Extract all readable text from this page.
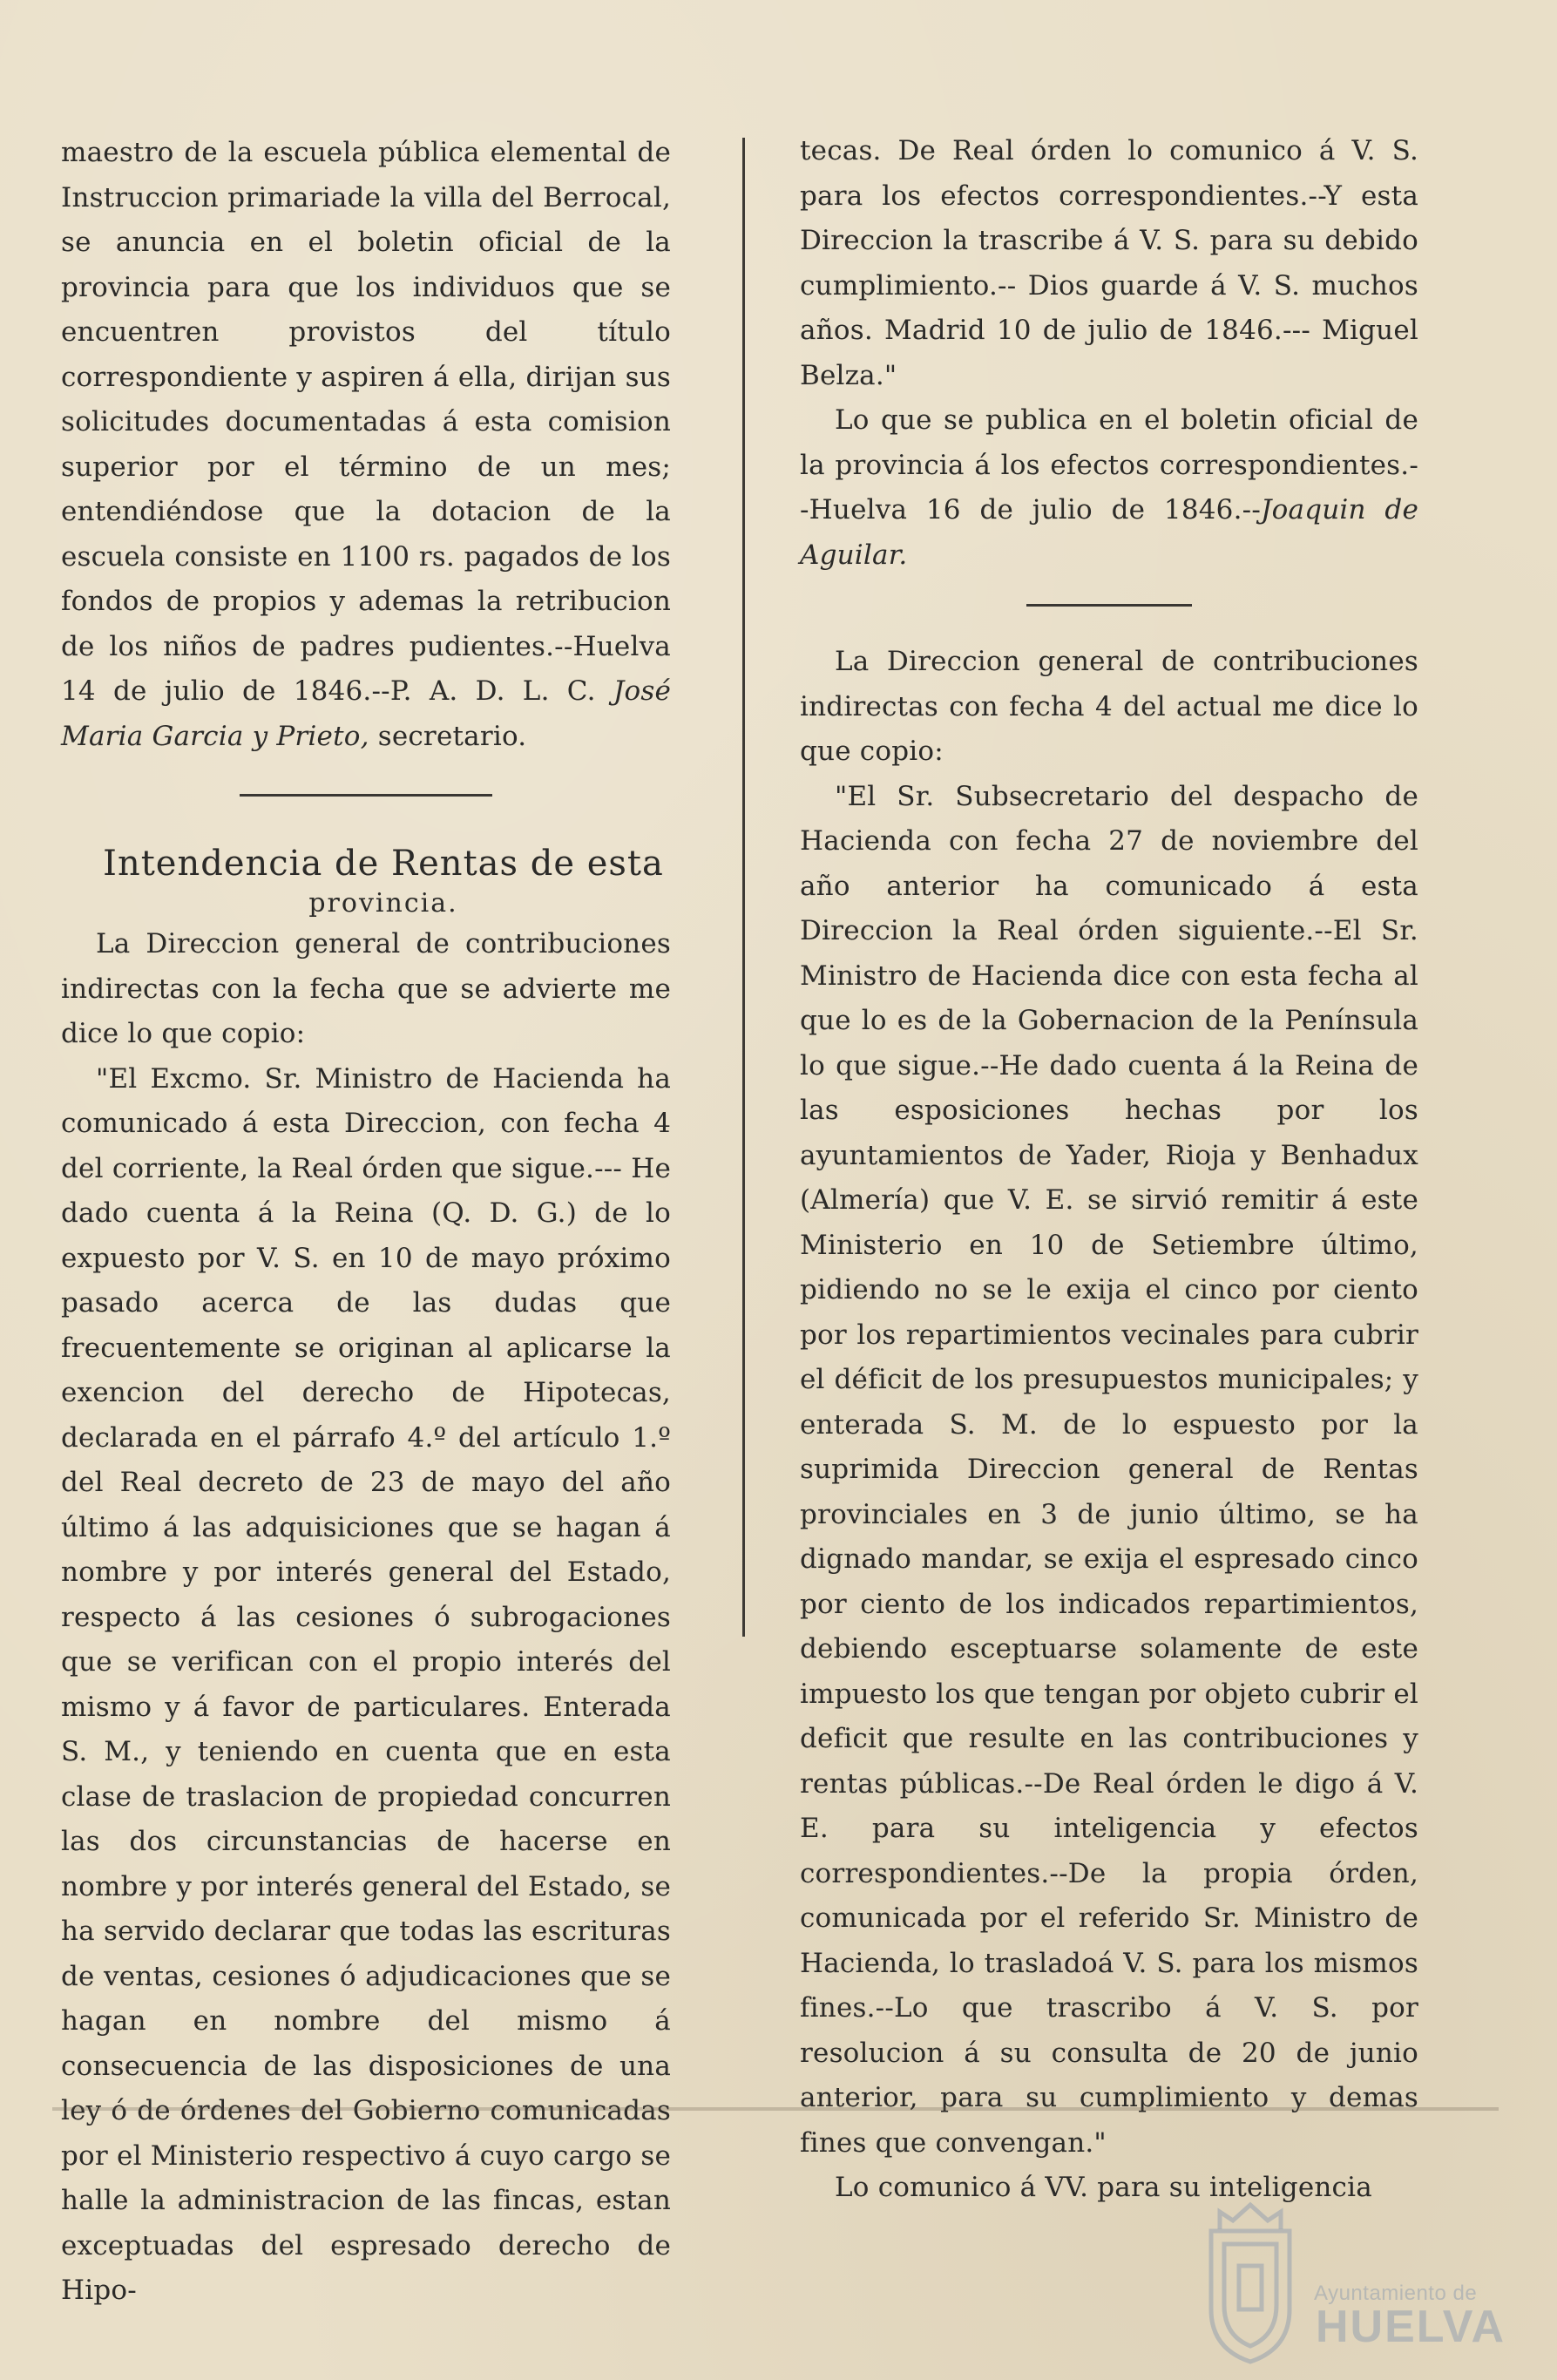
maestro de la escuela pública elemental de Instruccion primariade la villa del Berrocal, se anuncia en el boletin oficial de la provincia para que los individuos que se encuentren provistos del título correspondiente y aspiren á ella, dirijan sus solicitudes documentadas á esta comision superior por el término de un mes; entendiéndose que la dotacion de la escuela consiste en 1100 rs. pagados de los fondos de propios y ademas la retribucion de los niños de padres pudientes.--Huelva 14 de julio de 1846.--P. A. D. L. C. José Maria Garcia y Prieto, secretario.

Intendencia de Rentas de esta

provincia.

La Direccion general de contribuciones indirectas con la fecha que se advierte me dice lo que copio:

"El Excmo. Sr. Ministro de Hacienda ha comunicado á esta Direccion, con fecha 4 del corriente, la Real órden que sigue.--- He dado cuenta á la Reina (Q. D. G.) de lo expuesto por V. S. en 10 de mayo próximo pasado acerca de las dudas que frecuentemente se originan al aplicarse la exencion del derecho de Hipotecas, declarada en el párrafo 4.º del artículo 1.º del Real decreto de 23 de mayo del año último á las adquisiciones que se hagan á nombre y por interés general del Estado, respecto á las cesiones ó subrogaciones que se verifican con el propio interés del mismo y á favor de particulares. Enterada S. M., y teniendo en cuenta que en esta clase de traslacion de propiedad concurren las dos circunstancias de hacerse en nombre y por interés general del Estado, se ha servido declarar que todas las escrituras de ventas, cesiones ó adjudicaciones que se hagan en nombre del mismo á consecuencia de las disposiciones de una ley ó de órdenes del Gobierno comunicadas por el Ministerio respectivo á cuyo cargo se halle la administracion de las fincas, estan exceptuadas del espresado derecho de Hipo-

tecas. De Real órden lo comunico á V. S. para los efectos correspondientes.--Y esta Direccion la trascribe á V. S. para su debido cumplimiento.-- Dios guarde á V. S. muchos años. Madrid 10 de julio de 1846.--- Miguel Belza."

Lo que se publica en el boletin oficial de la provincia á los efectos correspondientes.--Huelva 16 de julio de 1846.--Joaquin de Aguilar.

La Direccion general de contribuciones indirectas con fecha 4 del actual me dice lo que copio:

"El Sr. Subsecretario del despacho de Hacienda con fecha 27 de noviembre del año anterior ha comunicado á esta Direccion la Real órden siguiente.--El Sr. Ministro de Hacienda dice con esta fecha al que lo es de la Gobernacion de la Península lo que sigue.--He dado cuenta á la Reina de las esposiciones hechas por los ayuntamientos de Yader, Rioja y Benhadux (Almería) que V. E. se sirvió remitir á este Ministerio en 10 de Setiembre último, pidiendo no se le exija el cinco por ciento por los repartimientos vecinales para cubrir el déficit de los presupuestos municipales; y enterada S. M. de lo espuesto por la suprimida Direccion general de Rentas provinciales en 3 de junio último, se ha dignado mandar, se exija el espresado cinco por ciento de los indicados repartimientos, debiendo esceptuarse solamente de este impuesto los que tengan por objeto cubrir el deficit que resulte en las contribuciones y rentas públicas.--De Real órden le digo á V. E. para su inteligencia y efectos correspondientes.--De la propia órden, comunicada por el referido Sr. Ministro de Hacienda, lo trasladoá V. S. para los mismos fines.--Lo que trascribo á V. S. por resolucion á su consulta de 20 de junio anterior, para su cumplimiento y demas fines que convengan."

Lo comunico á VV. para su inteligencia

Ayuntamiento de
HUELVA
